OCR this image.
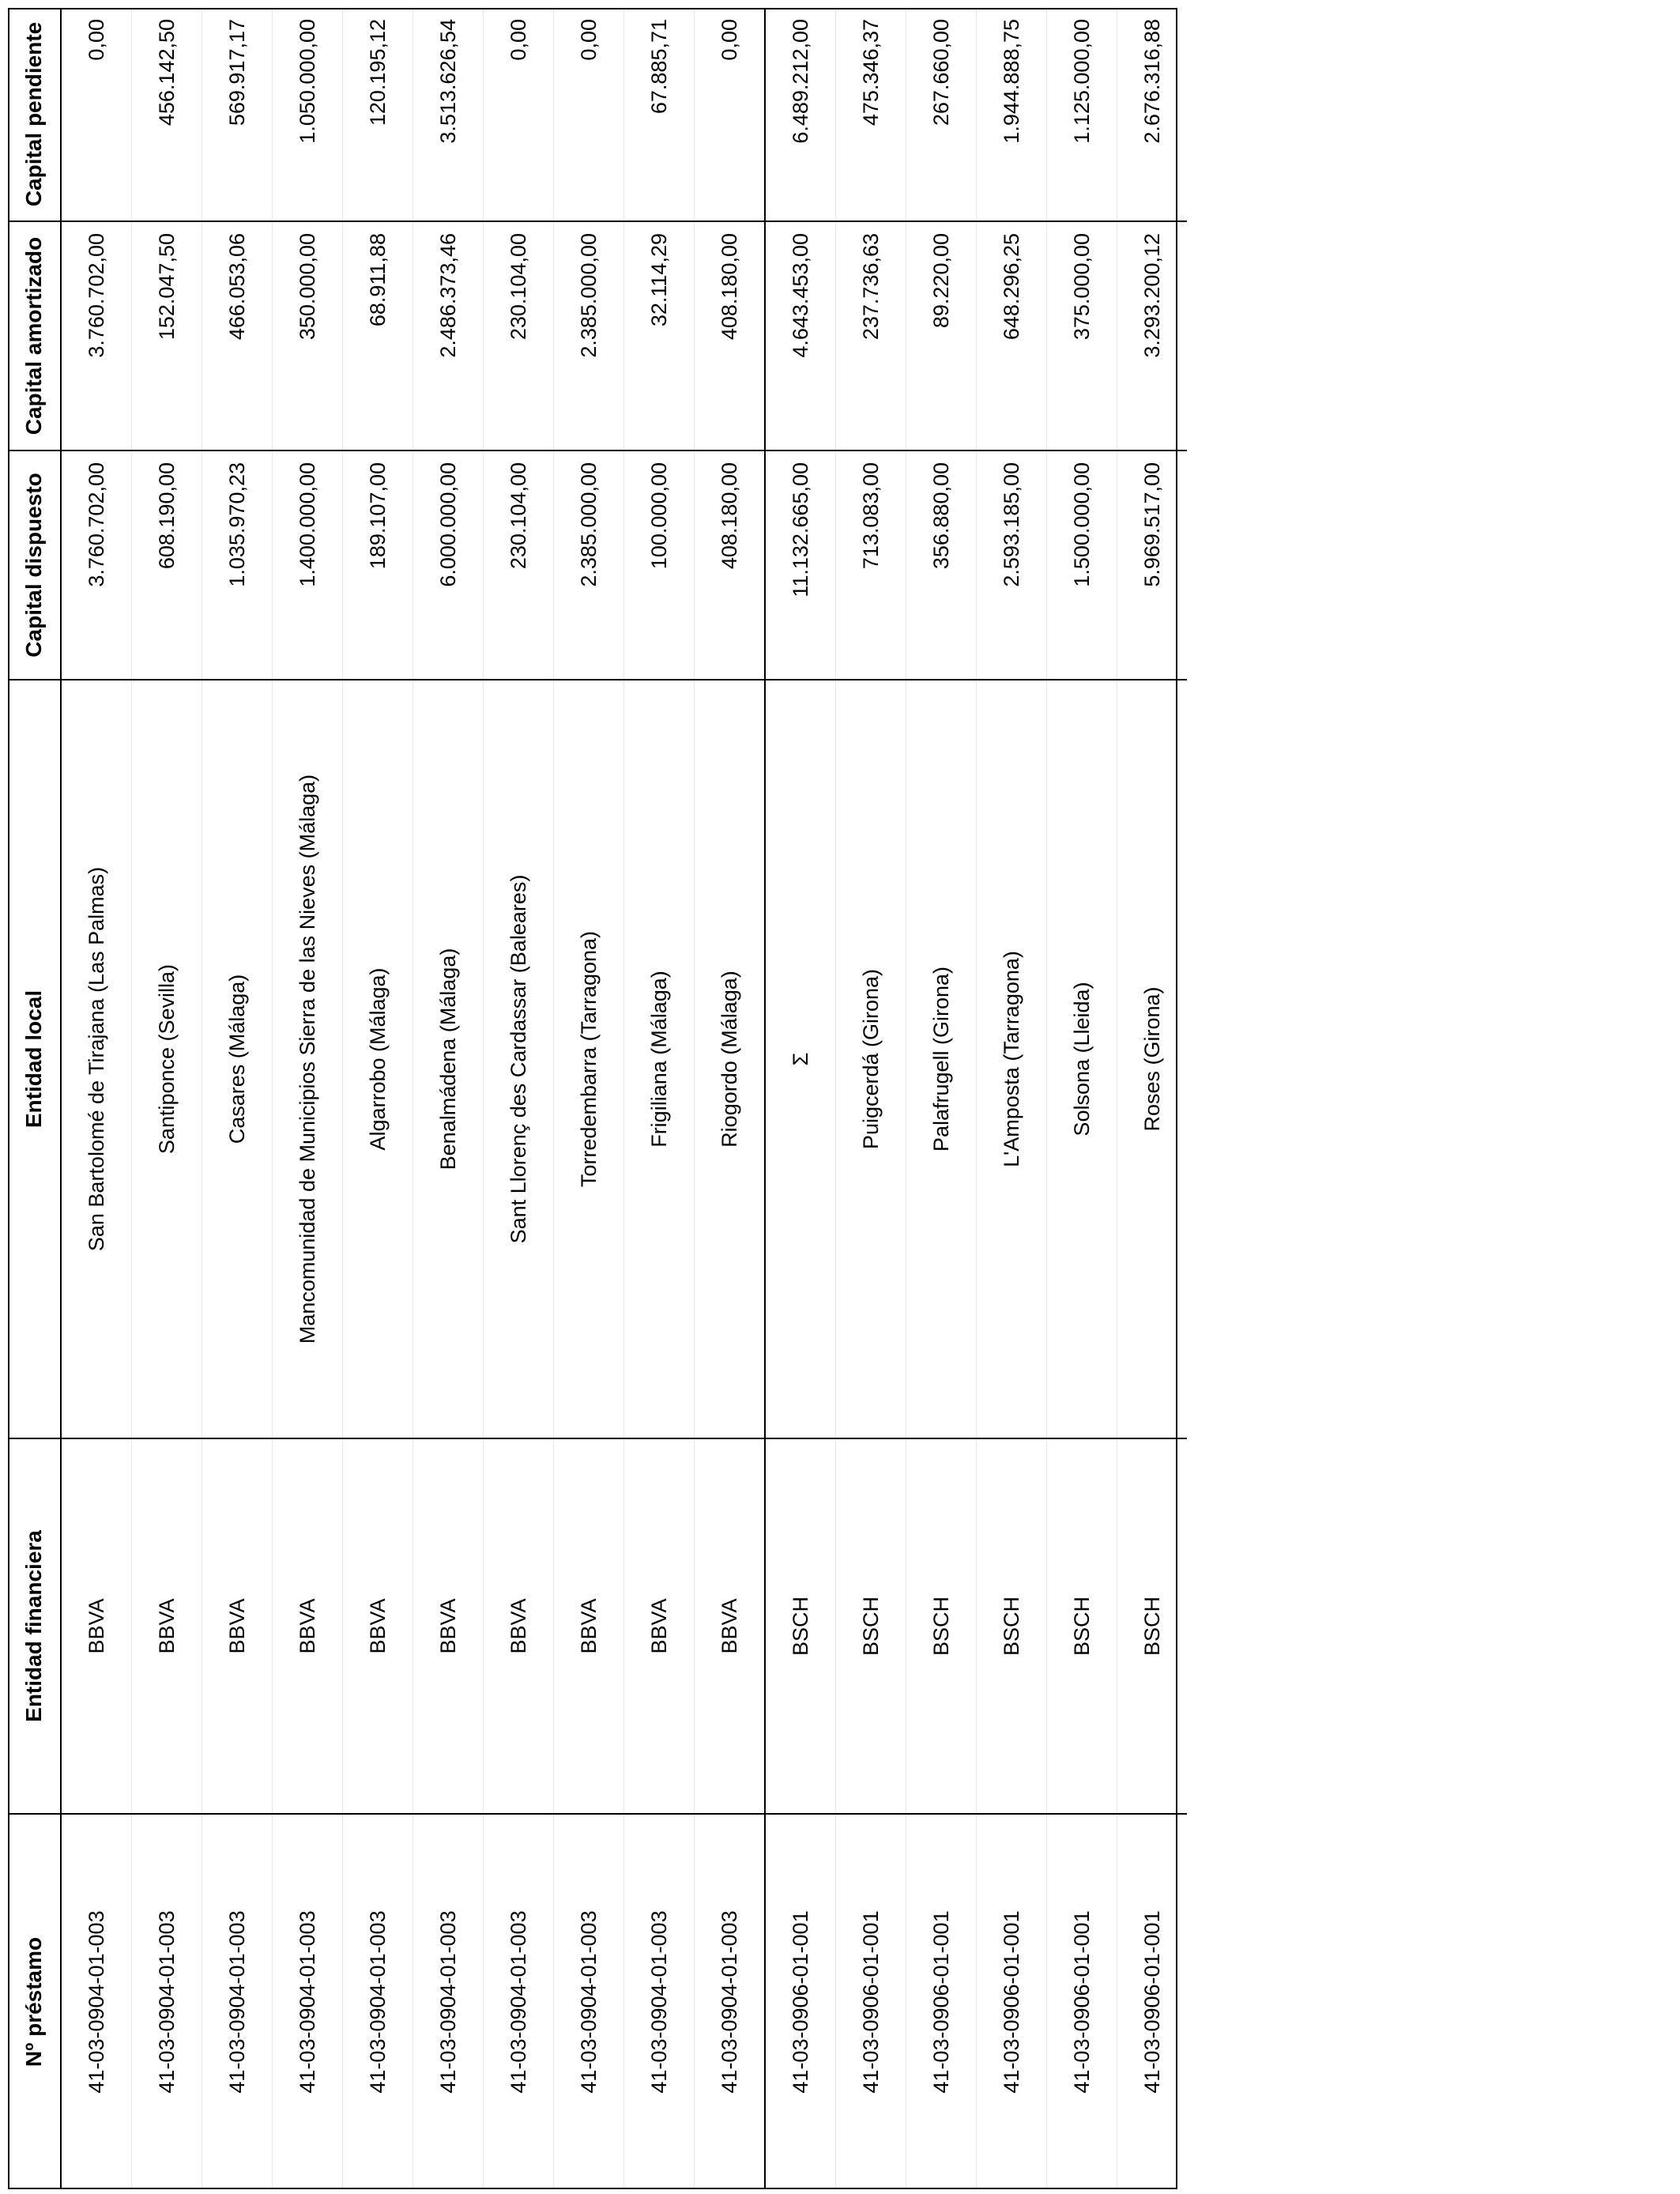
Nº préstamo	Entidad financiera	Entidad local	Capital dispuesto	Capital amortizado	Capital pendiente
41-03-0904-01-003	BBVA	San Bartolomé de Tirajana (Las Palmas)	3.760.702,00	3.760.702,00	0,00
41-03-0904-01-003	BBVA	Santiponce (Sevilla)	608.190,00	152.047,50	456.142,50
41-03-0904-01-003	BBVA	Casares (Málaga)	1.035.970,23	466.053,06	569.917,17
41-03-0904-01-003	BBVA	Mancomunidad de Municipios Sierra de las Nieves (Málaga)	1.400.000,00	350.000,00	1.050.000,00
41-03-0904-01-003	BBVA	Algarrobo (Málaga)	189.107,00	68.911,88	120.195,12
41-03-0904-01-003	BBVA	Benalmádena (Málaga)	6.000.000,00	2.486.373,46	3.513.626,54
41-03-0904-01-003	BBVA	Sant Llorenç des Cardassar (Baleares)	230.104,00	230.104,00	0,00
41-03-0904-01-003	BBVA	Torredembarra (Tarragona)	2.385.000,00	2.385.000,00	0,00
41-03-0904-01-003	BBVA	Frigiliana (Málaga)	100.000,00	32.114,29	67.885,71
41-03-0904-01-003	BBVA	Riogordo (Málaga)	408.180,00	408.180,00	0,00
41-03-0906-01-001	BSCH	Σ	11.132.665,00	4.643.453,00	6.489.212,00
41-03-0906-01-001	BSCH	Puigcerdá (Girona)	713.083,00	237.736,63	475.346,37
41-03-0906-01-001	BSCH	Palafrugell (Girona)	356.880,00	89.220,00	267.660,00
41-03-0906-01-001	BSCH	L'Amposta (Tarragona)	2.593.185,00	648.296,25	1.944.888,75
41-03-0906-01-001	BSCH	Solsona (Lleida)	1.500.000,00	375.000,00	1.125.000,00
41-03-0906-01-001	BSCH	Roses (Girona)	5.969.517,00	3.293.200,12	2.676.316,88
